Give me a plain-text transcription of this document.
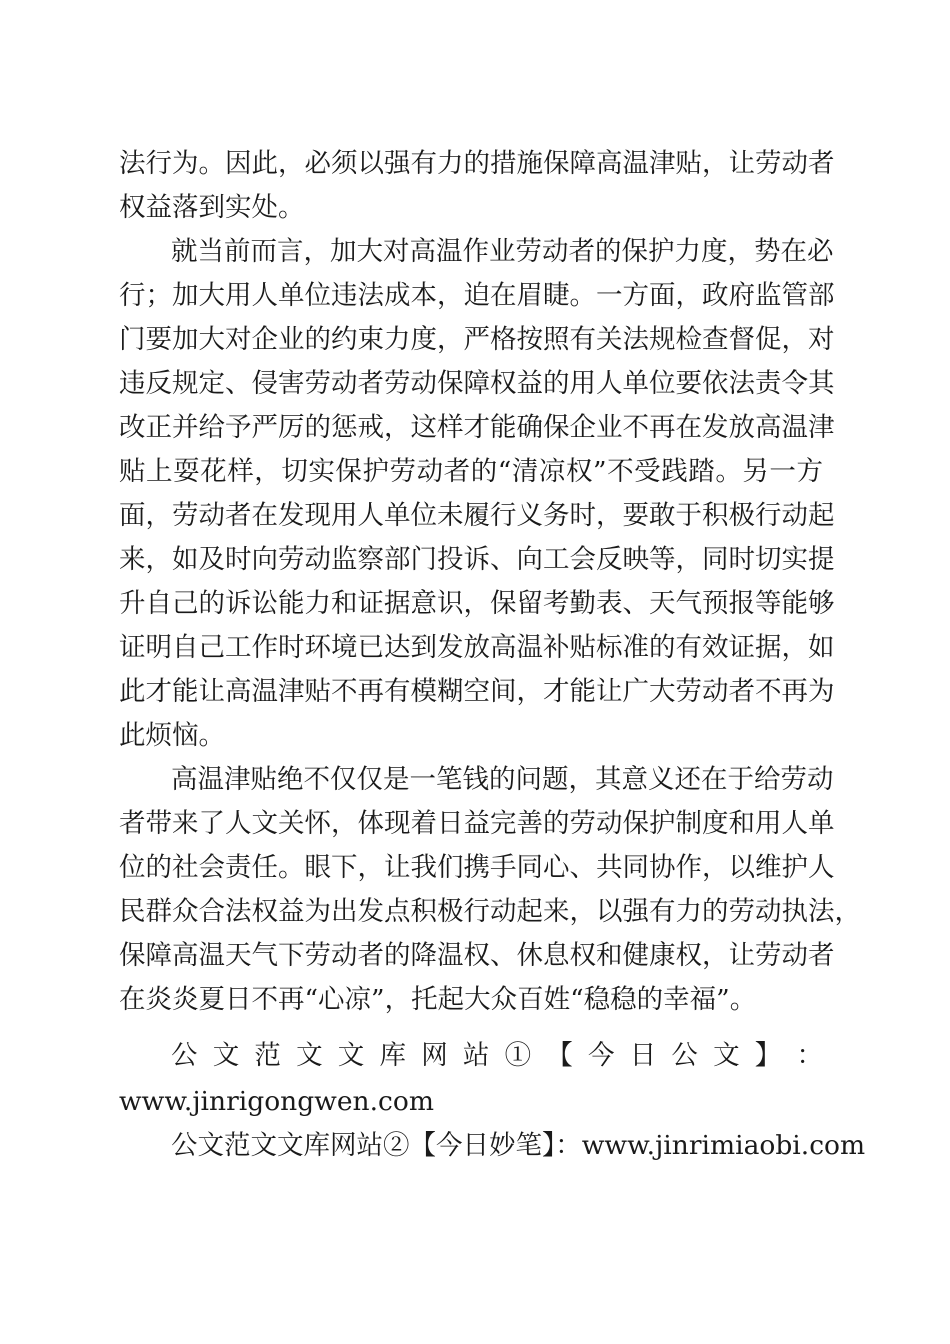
法行为。因此，必须以强有力的措施保障高温津贴，让劳动者

权益落到实处。

就当前而言，加大对高温作业劳动者的保护力度，势在必

行；加大用人单位违法成本，迫在眉睫。一方面，政府监管部

门要加大对企业的约束力度，严格按照有关法规检查督促，对

违反规定、侵害劳动者劳动保障权益的用人单位要依法责令其

改正并给予严厉的惩戒，这样才能确保企业不再在发放高温津

贴上耍花样，切实保护劳动者的“清凉权”不受践踏。另一方

面，劳动者在发现用人单位未履行义务时，要敢于积极行动起

来，如及时向劳动监察部门投诉、向工会反映等，同时切实提

升自己的诉讼能力和证据意识，保留考勤表、天气预报等能够

证明自己工作时环境已达到发放高温补贴标准的有效证据，如

此才能让高温津贴不再有模糊空间，才能让广大劳动者不再为

此烦恼。

高温津贴绝不仅仅是一笔钱的问题，其意义还在于给劳动

者带来了人文关怀，体现着日益完善的劳动保护制度和用人单

位的社会责任。眼下，让我们携手同心、共同协作，以维护人

民群众合法权益为出发点积极行动起来，以强有力的劳动执法，

保障高温天气下劳动者的降温权、休息权和健康权，让劳动者

在炎炎夏日不再“心凉”，托起大众百姓“稳稳的幸福”。

公 文 范 文 文 库 网 站 ① 【 今 日 公 文 】 ：

www.jinrigongwen.com

公文范文文库网站②【今日妙笔】：www.jinrimiaobi.com
